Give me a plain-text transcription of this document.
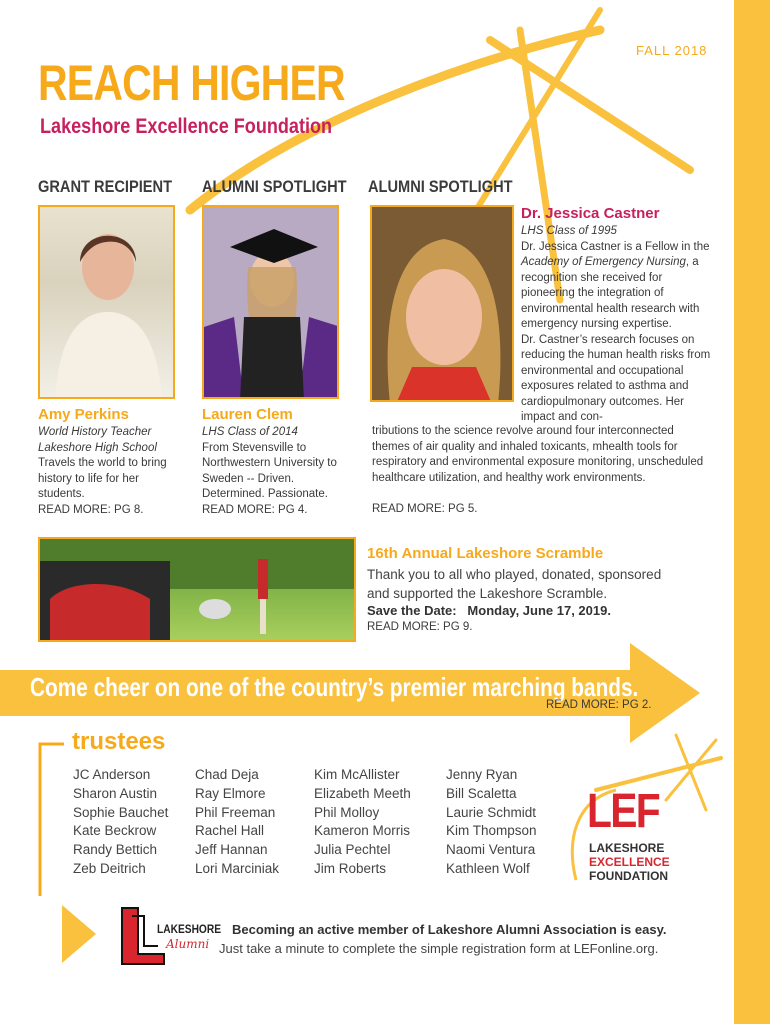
FALL 2018
REACH HIGHER
Lakeshore Excellence Foundation
GRANT RECIPIENT ALUMNI SPOTLIGHT ALUMNI SPOTLIGHT
Amy Perkins
World History Teacher
Lakeshore High School
Travels the world to bring history to life for her students.
READ MORE: PG 8.
Lauren Clem
LHS Class of 2014
From Stevensville to Northwestern University to Sweden -- Driven. Determined. Passionate.
READ MORE: PG 4.
Dr. Jessica Castner
LHS Class of 1995
Dr. Jessica Castner is a Fellow in the Academy of Emergency Nursing, a recognition she received for pioneering the integration of environmental health research with emergency nursing expertise.
Dr. Castner’s research focuses on reducing the human health risks from environmental and occupational exposures related to asthma and cardiopulmonary outcomes. Her impact and con-
tributions to the science revolve around four interconnected themes of air quality and inhaled toxicants, mhealth tools for respiratory and environmental exposure monitoring, unscheduled healthcare utilization, and healthy work environments.
READ MORE: PG 5.
16th Annual Lakeshore Scramble
Thank you to all who played, donated, sponsored and supported the Lakeshore Scramble.
Save the Date:   Monday, June 17, 2019.
READ MORE: PG 9.
Come cheer on one of the country’s premier marching bands.
READ MORE: PG 2.
trustees
JC Anderson
Sharon Austin
Sophie Bauchet
Kate Beckrow
Randy Bettich
Zeb Deitrich
Chad Deja
Ray Elmore
Phil Freeman
Rachel Hall
Jeff Hannan
Lori Marciniak
Kim McAllister
Elizabeth Meeth
Phil Molloy
Kameron Morris
Julia Pechtel
Jim Roberts
Jenny Ryan
Bill Scaletta
Laurie Schmidt
Kim Thompson
Naomi Ventura
Kathleen Wolf
LEF
LAKESHORE
EXCELLENCE
FOUNDATION
LAKESHORE
Alumni
Becoming an active member of Lakeshore Alumni Association is easy.
Just take a minute to complete the simple registration form at LEFonline.org.
